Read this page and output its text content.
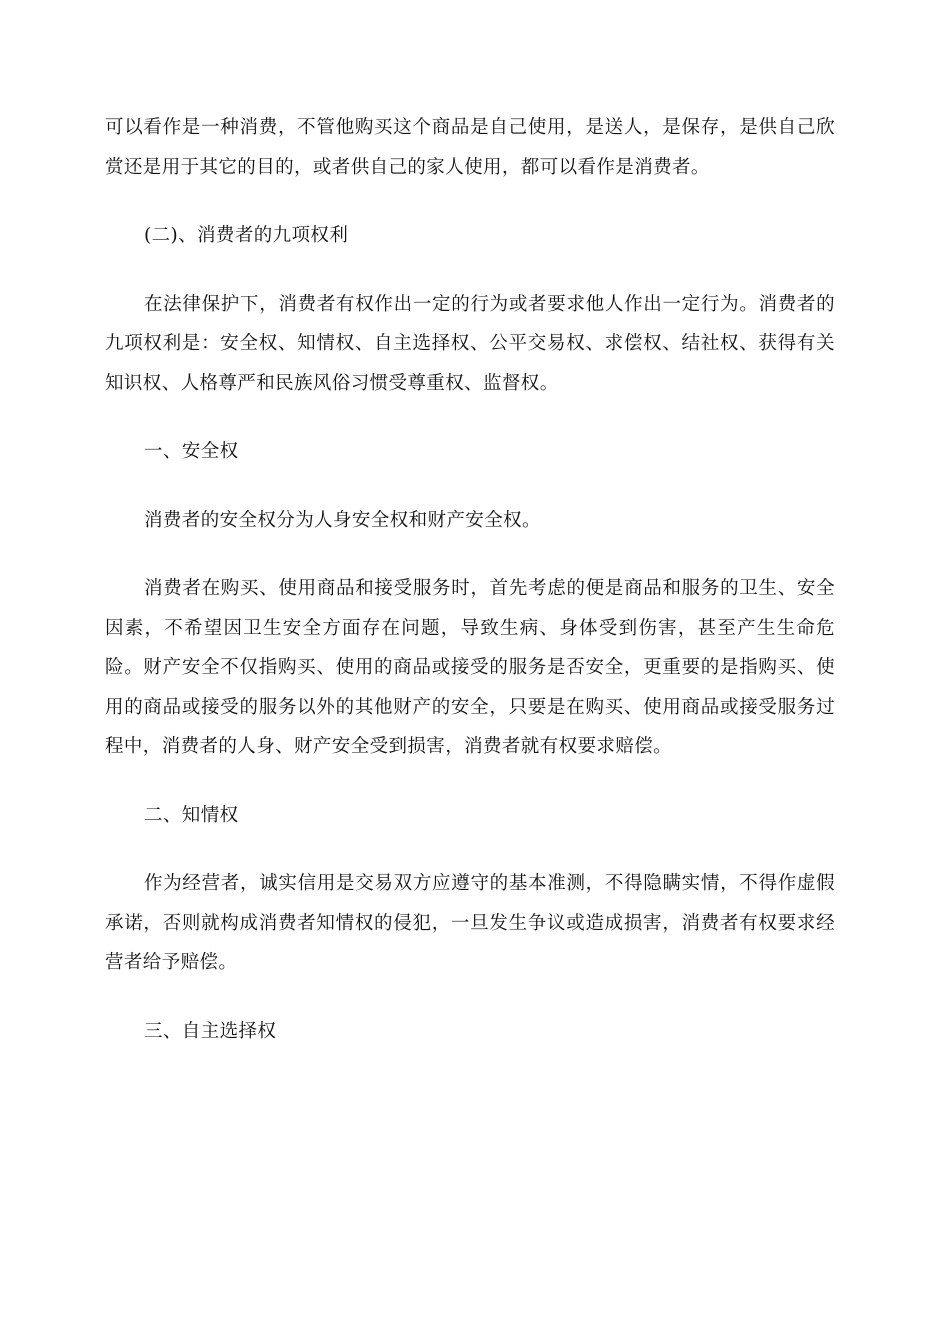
可以看作是一种消费，不管他购买这个商品是自己使用，是送人，是保存，是供自己欣赏还是用于其它的目的，或者供自己的家人使用，都可以看作是消费者。

(二)、消费者的九项权利

在法律保护下，消费者有权作出一定的行为或者要求他人作出一定行为。消费者的九项权利是：安全权、知情权、自主选择权、公平交易权、求偿权、结社权、获得有关知识权、人格尊严和民族风俗习惯受尊重权、监督权。

一、安全权

消费者的安全权分为人身安全权和财产安全权。

消费者在购买、使用商品和接受服务时，首先考虑的便是商品和服务的卫生、安全因素，不希望因卫生安全方面存在问题，导致生病、身体受到伤害，甚至产生生命危险。财产安全不仅指购买、使用的商品或接受的服务是否安全，更重要的是指购买、使用的商品或接受的服务以外的其他财产的安全，只要是在购买、使用商品或接受服务过程中，消费者的人身、财产安全受到损害，消费者就有权要求赔偿。

二、知情权

作为经营者，诚实信用是交易双方应遵守的基本准测，不得隐瞒实情，不得作虚假承诺，否则就构成消费者知情权的侵犯，一旦发生争议或造成损害，消费者有权要求经营者给予赔偿。

三、自主选择权
